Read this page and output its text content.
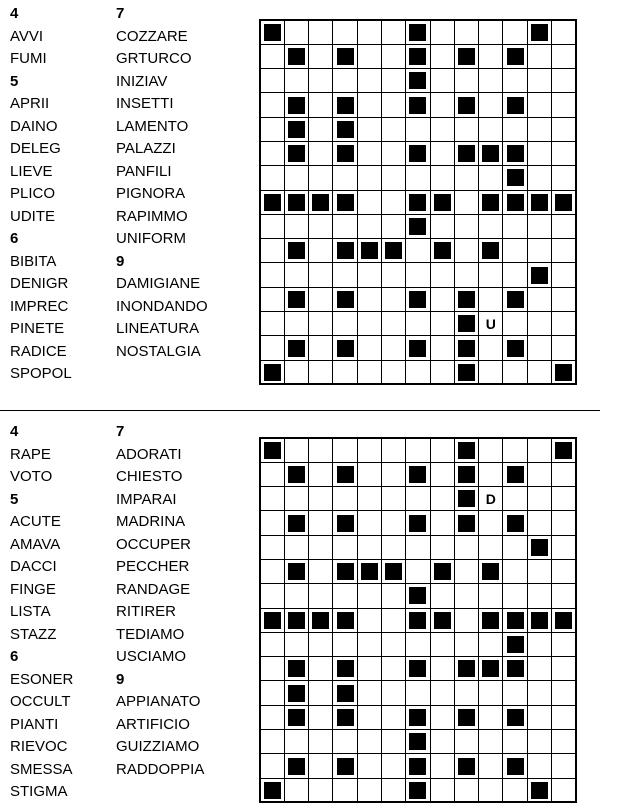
4
AVVI
FUMI
5
APRII
DAINO
DELEG
LIEVE
PLICO
UDITE
6
BIBITA
DENIGR
IMPREC
PINETE
RADICE
SPOPOL
7
COZZARE
GRTURCO
INIZIAV
INSETTI
LAMENTO
PALAZZI
PANFILI
PIGNORA
RAPIMMO
UNIFORM
9
DAMIGIANE
INONDANDO
LINEATURA
NOSTALGIA

	U			

4
RAPE
VOTO
5
ACUTE
AMAVA
DACCI
FINGE
LISTA
STAZZ
6
ESONER
OCCULT
PIANTI
RIEVOC
SMESSA
STIGMA
7
ADORATI
CHIESTO
IMPARAI
MADRINA
OCCUPER
PECCHER
RANDAGE
RITIRER
TEDIAMO
USCIAMO
9
APPIANATO
ARTIFICIO
GUIZZIAMO
RADDOPPIA

	D			
